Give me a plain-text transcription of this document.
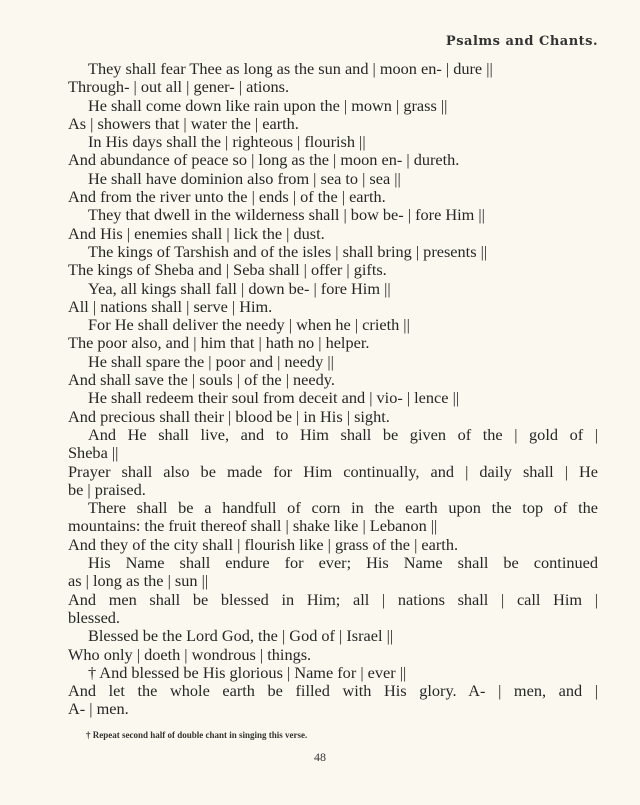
Psalms and Chants.
They shall fear Thee as long as the sun and | moon en- | dure ||
Through- | out all | gener- | ations.
He shall come down like rain upon the | mown | grass ||
As | showers that | water the | earth.
In His days shall the | righteous | flourish ||
And abundance of peace so | long as the | moon en- | dureth.
He shall have dominion also from | sea to | sea ||
And from the river unto the | ends | of the | earth.
They that dwell in the wilderness shall | bow be- | fore Him ||
And His | enemies shall | lick the | dust.
The kings of Tarshish and of the isles | shall bring | presents ||
The kings of Sheba and | Seba shall | offer | gifts.
Yea, all kings shall fall | down be- | fore Him ||
All | nations shall | serve | Him.
For He shall deliver the needy | when he | crieth ||
The poor also, and | him that | hath no | helper.
He shall spare the | poor and | needy ||
And shall save the | souls | of the | needy.
He shall redeem their soul from deceit and | vio- | lence ||
And precious shall their | blood be | in His | sight.
And He shall live, and to Him shall be given of the | gold of |
Sheba ||
Prayer shall also be made for Him continually, and | daily shall | He
be | praised.
There shall be a handfull of corn in the earth upon the top of the
mountains: the fruit thereof shall | shake like | Lebanon ||
And they of the city shall | flourish like | grass of the | earth.
His Name shall endure for ever; His Name shall be continued
as | long as the | sun ||
And men shall be blessed in Him; all | nations shall | call Him |
blessed.
Blessed be the Lord God, the | God of | Israel ||
Who only | doeth | wondrous | things.
† And blessed be His glorious | Name for | ever ||
And let the whole earth be filled with His glory. A- | men, and |
A- | men.
† Repeat second half of double chant in singing this verse.
48
